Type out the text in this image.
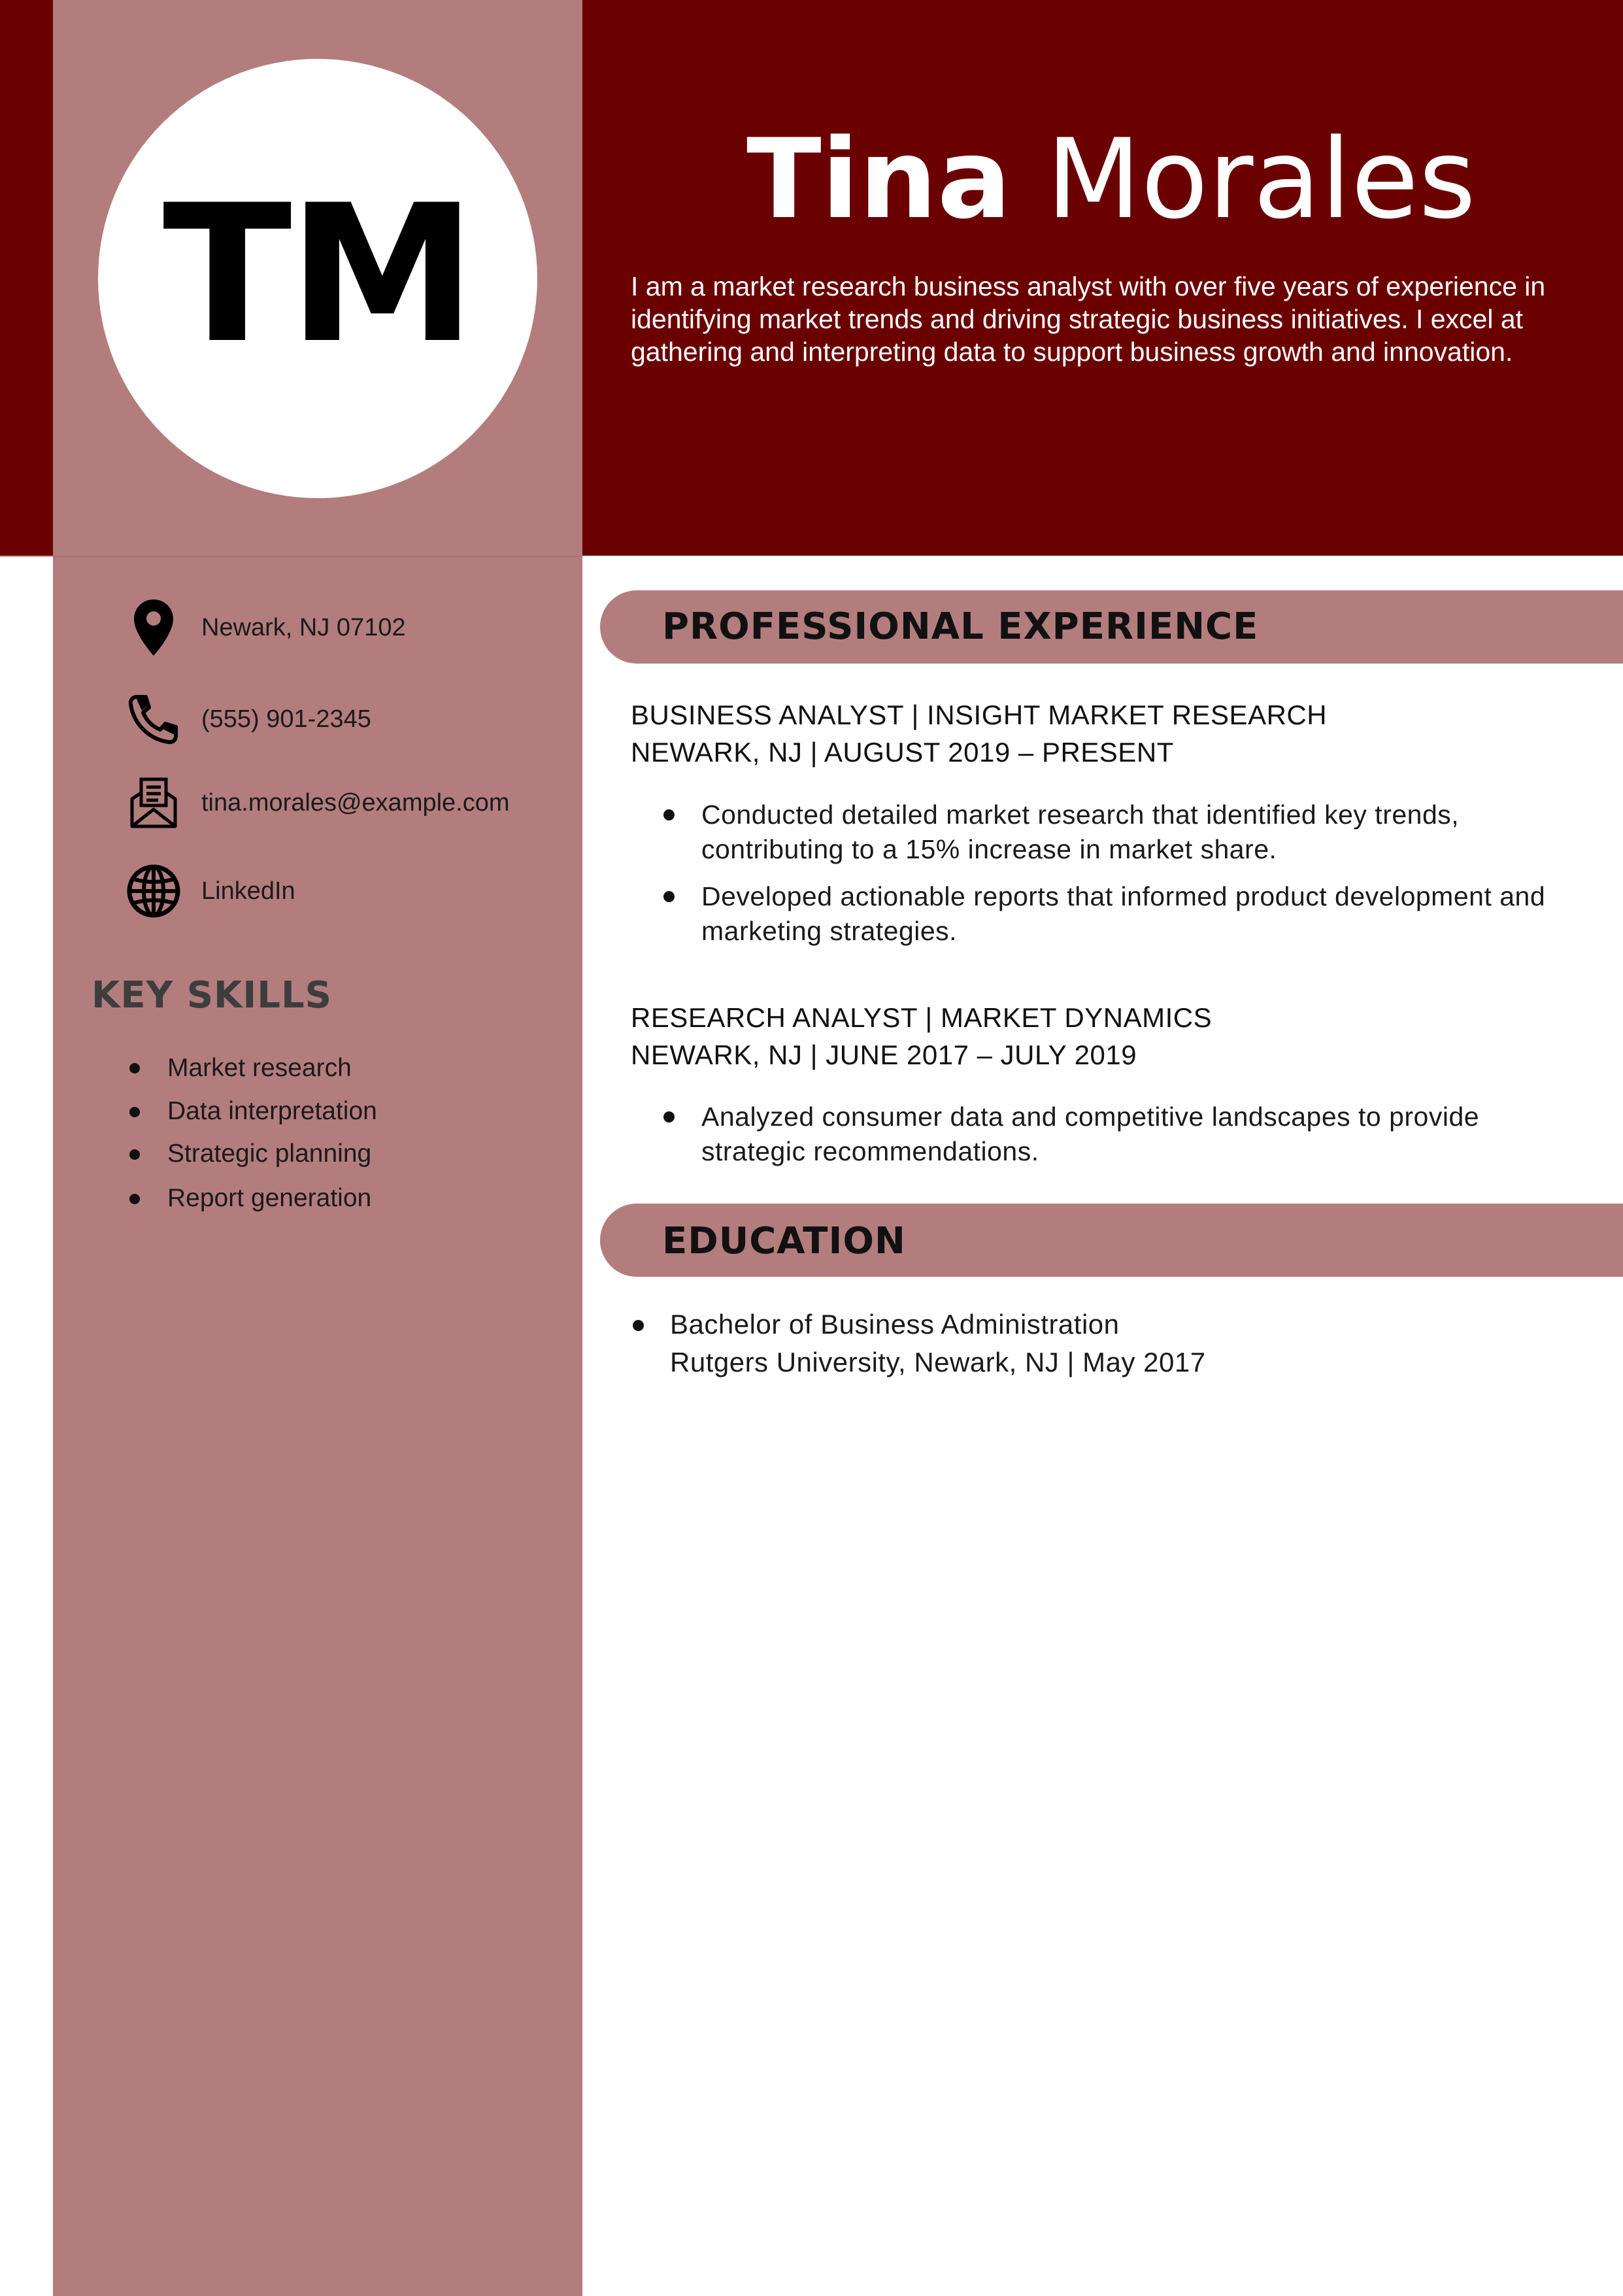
TM	Tina Morales
I am a market research business analyst with over five years of experience in identifying market trends and driving strategic business initiatives. I excel at gathering and interpreting data to support business growth and innovation.
Newark, NJ 07102
(555) 901-2345
tina.morales@example.com
LinkedIn
KEY SKILLS
Market research
Data interpretation
Strategic planning
Report generation
PROFESSIONAL EXPERIENCE
BUSINESS ANALYST | INSIGHT MARKET RESEARCH
NEWARK, NJ | AUGUST 2019 – PRESENT
Conducted detailed market research that identified key trends, contributing to a 15% increase in market share.
Developed actionable reports that informed product development and marketing strategies.
RESEARCH ANALYST | MARKET DYNAMICS
NEWARK, NJ | JUNE 2017 – JULY 2019
Analyzed consumer data and competitive landscapes to provide strategic recommendations.
EDUCATION
Bachelor of Business Administration
Rutgers University, Newark, NJ | May 2017
